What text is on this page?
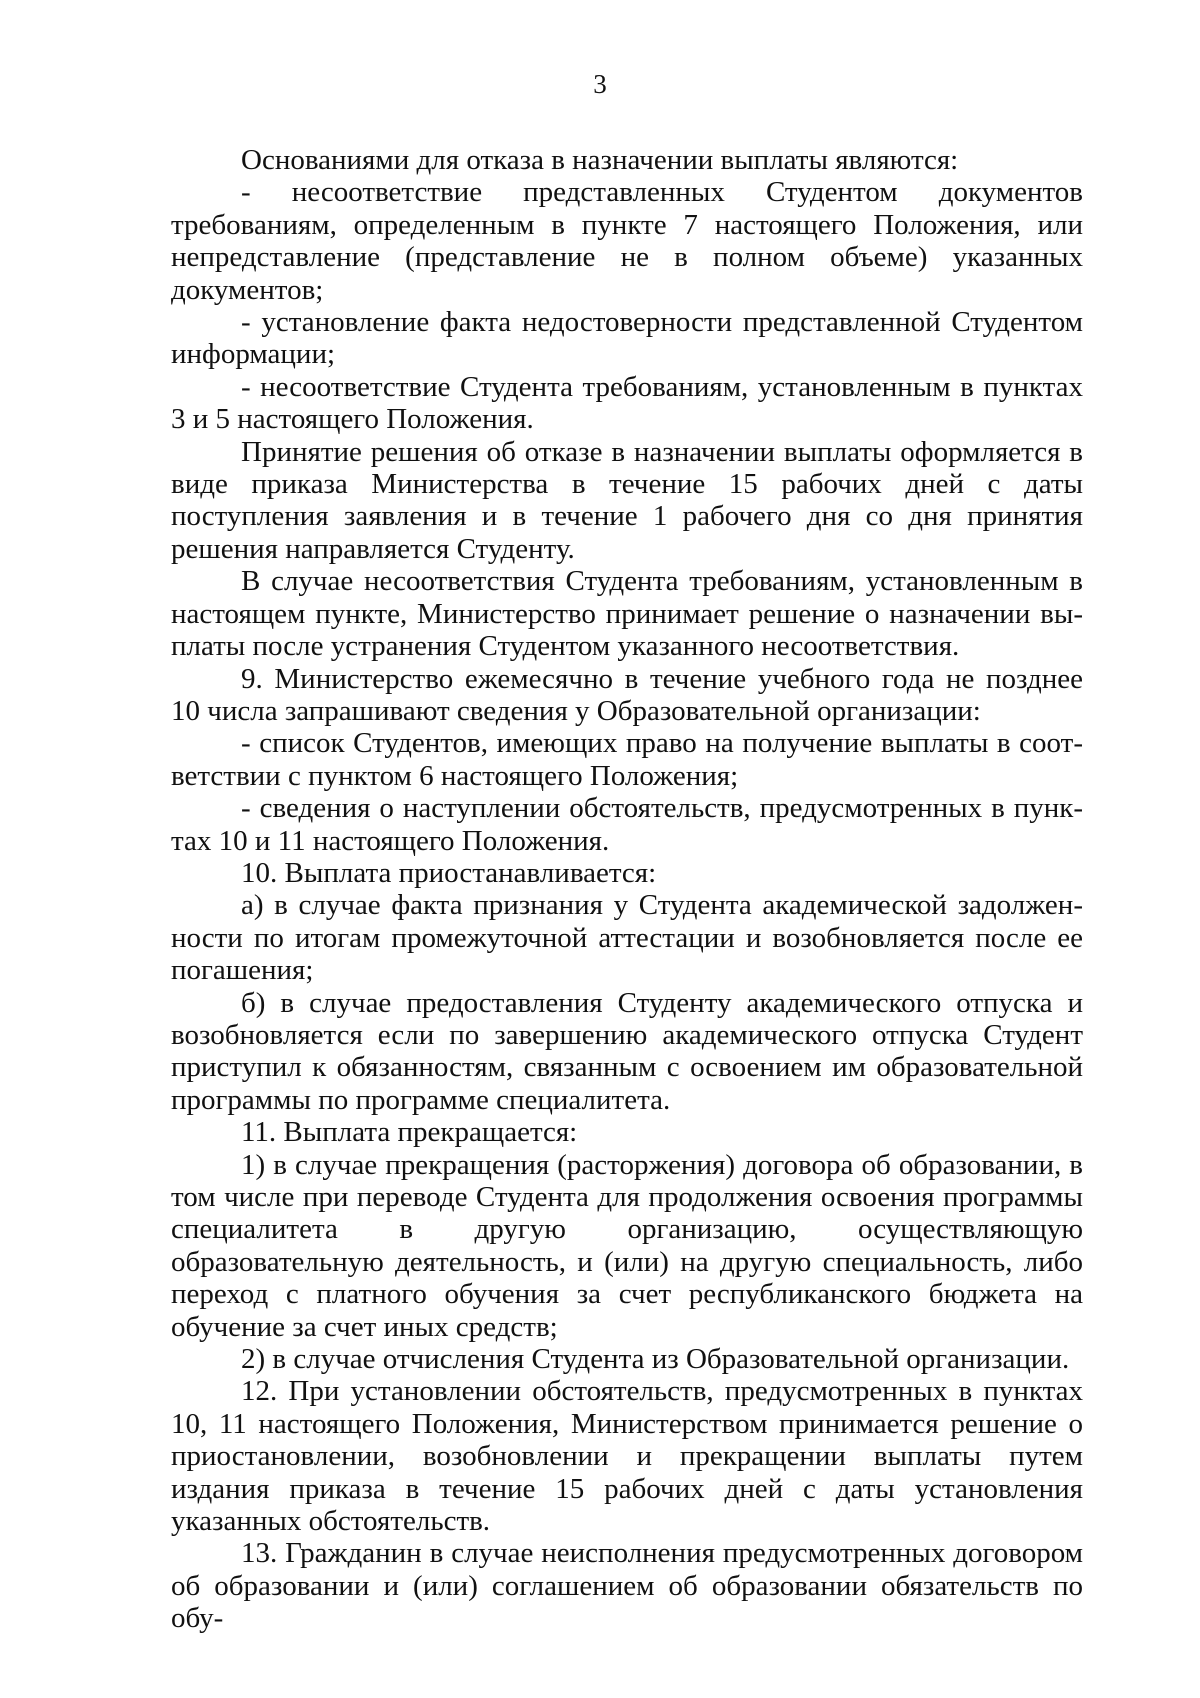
3

Основаниями для отказа в назначении выплаты являются:

- несоответствие представленных Студентом документов требованиям, определенным в пункте 7 настоящего Положения, или непредставление (представление не в полном объеме) указанных документов;

- установление факта недостоверности представленной Студентом информации;

- несоответствие Студента требованиям, установленным в пунктах 3 и 5 настоящего Положения.

Принятие решения об отказе в назначении выплаты оформляется в виде приказа Министерства в течение 15 рабочих дней с даты поступления заявления и в течение 1 рабочего дня со дня принятия решения направляется Студенту.

В случае несоответствия Студента требованиям, установленным в настоящем пункте, Министерство принимает решение о назначении выплаты после устранения Студентом указанного несоответствия.

9. Министерство ежемесячно в течение учебного года не позднее 10 числа запрашивают сведения у Образовательной организации:

- список Студентов, имеющих право на получение выплаты в соответствии с пунктом 6 настоящего Положения;

- сведения о наступлении обстоятельств, предусмотренных в пунктах 10 и 11 настоящего Положения.

10. Выплата приостанавливается:

а) в случае факта признания у Студента академической задолженности по итогам промежуточной аттестации и возобновляется после ее погашения;

б) в случае предоставления Студенту академического отпуска и возобновляется если по завершению академического отпуска Студент приступил к обязанностям, связанным с освоением им образовательной программы по программе специалитета.

11. Выплата прекращается:

1) в случае прекращения (расторжения) договора об образовании, в том числе при переводе Студента для продолжения освоения программы специалитета в другую организацию, осуществляющую образовательную деятельность, и (или) на другую специальность, либо переход с платного обучения за счет республиканского бюджета на обучение за счет иных средств;

2) в случае отчисления Студента из Образовательной организации.

12. При установлении обстоятельств, предусмотренных в пунктах 10, 11 настоящего Положения, Министерством принимается решение о приостановлении, возобновлении и прекращении выплаты путем издания приказа в течение 15 рабочих дней с даты установления указанных обстоятельств.

13. Гражданин в случае неисполнения предусмотренных договором об образовании и (или) соглашением об образовании обязательств по обу-
